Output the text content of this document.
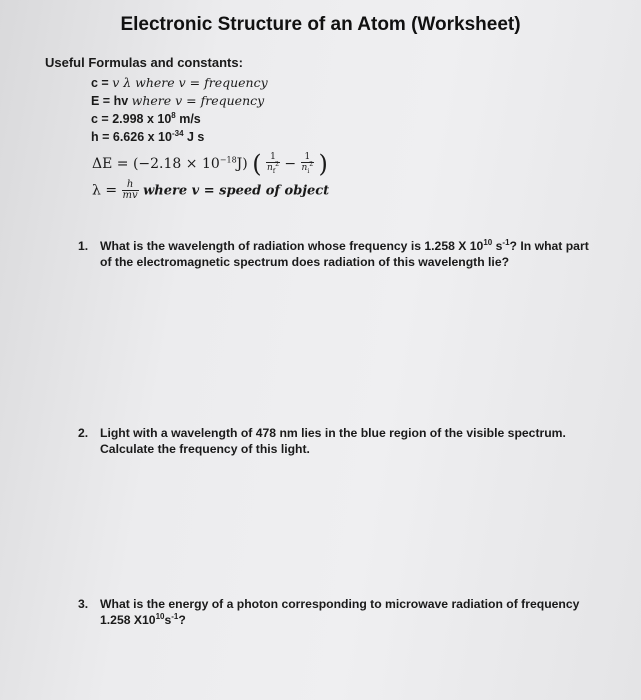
Electronic Structure of an Atom (Worksheet)
Useful Formulas and constants:
c = v λ where v = frequency
E = hv where v = frequency
c = 2.998 x $10^8$ m/s
h = 6.626 x $10^{-34}$ J s
$\Delta E = (-2.18 \times 10^{-18}J)$ ( $\frac{1}{n_f^2} - \frac{1}{n_i^2}$ )
$\lambda = \frac{h}{mv}$ where v = speed of object
1. What is the wavelength of radiation whose frequency is 1.258 X $10^{10}$ $s^{-1}$? In what part
of the electromagnetic spectrum does radiation of this wavelength lie?
2. Light with a wavelength of 478 nm lies in the blue region of the visible spectrum.
Calculate the frequency of this light.
3. What is the energy of a photon corresponding to microwave radiation of frequency
1.258 $X10^{10}s^{-1}$?
